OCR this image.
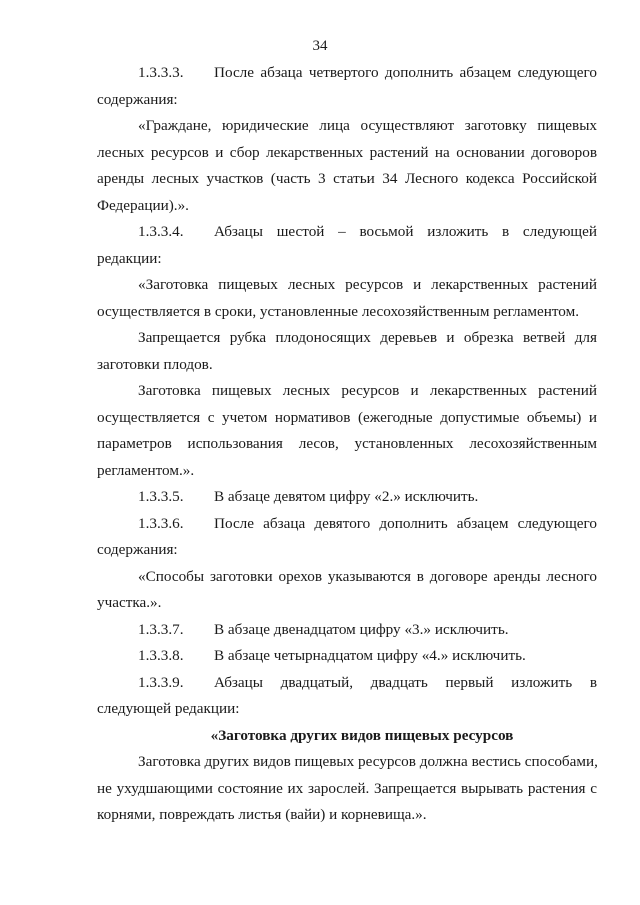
34
1.3.3.3. После абзаца четвертого дополнить абзацем следующего
содержания:
«Граждане, юридические лица осуществляют заготовку пищевых
лесных ресурсов и сбор лекарственных растений на основании договоров
аренды лесных участков (часть 3 статьи 34 Лесного кодекса Российской
Федерации).».
1.3.3.4. Абзацы шестой – восьмой изложить в следующей
редакции:
«Заготовка пищевых лесных ресурсов и лекарственных растений
осуществляется в сроки, установленные лесохозяйственным регламентом.
Запрещается рубка плодоносящих деревьев и обрезка ветвей для
заготовки плодов.
Заготовка пищевых лесных ресурсов и лекарственных растений
осуществляется с учетом нормативов (ежегодные допустимые объемы) и
параметров использования лесов, установленных лесохозяйственным
регламентом.».
1.3.3.5. В абзаце девятом цифру «2.» исключить.
1.3.3.6. После абзаца девятого дополнить абзацем следующего
содержания:
«Способы заготовки орехов указываются в договоре аренды лесного
участка.».
1.3.3.7. В абзаце двенадцатом цифру «3.» исключить.
1.3.3.8. В абзаце четырнадцатом цифру «4.» исключить.
1.3.3.9. Абзацы двадцатый, двадцать первый изложить в
следующей редакции:
«Заготовка других видов пищевых ресурсов
Заготовка других видов пищевых ресурсов должна вестись способами,
не ухудшающими состояние их зарослей. Запрещается вырывать растения с
корнями, повреждать листья (вайи) и корневища.».
